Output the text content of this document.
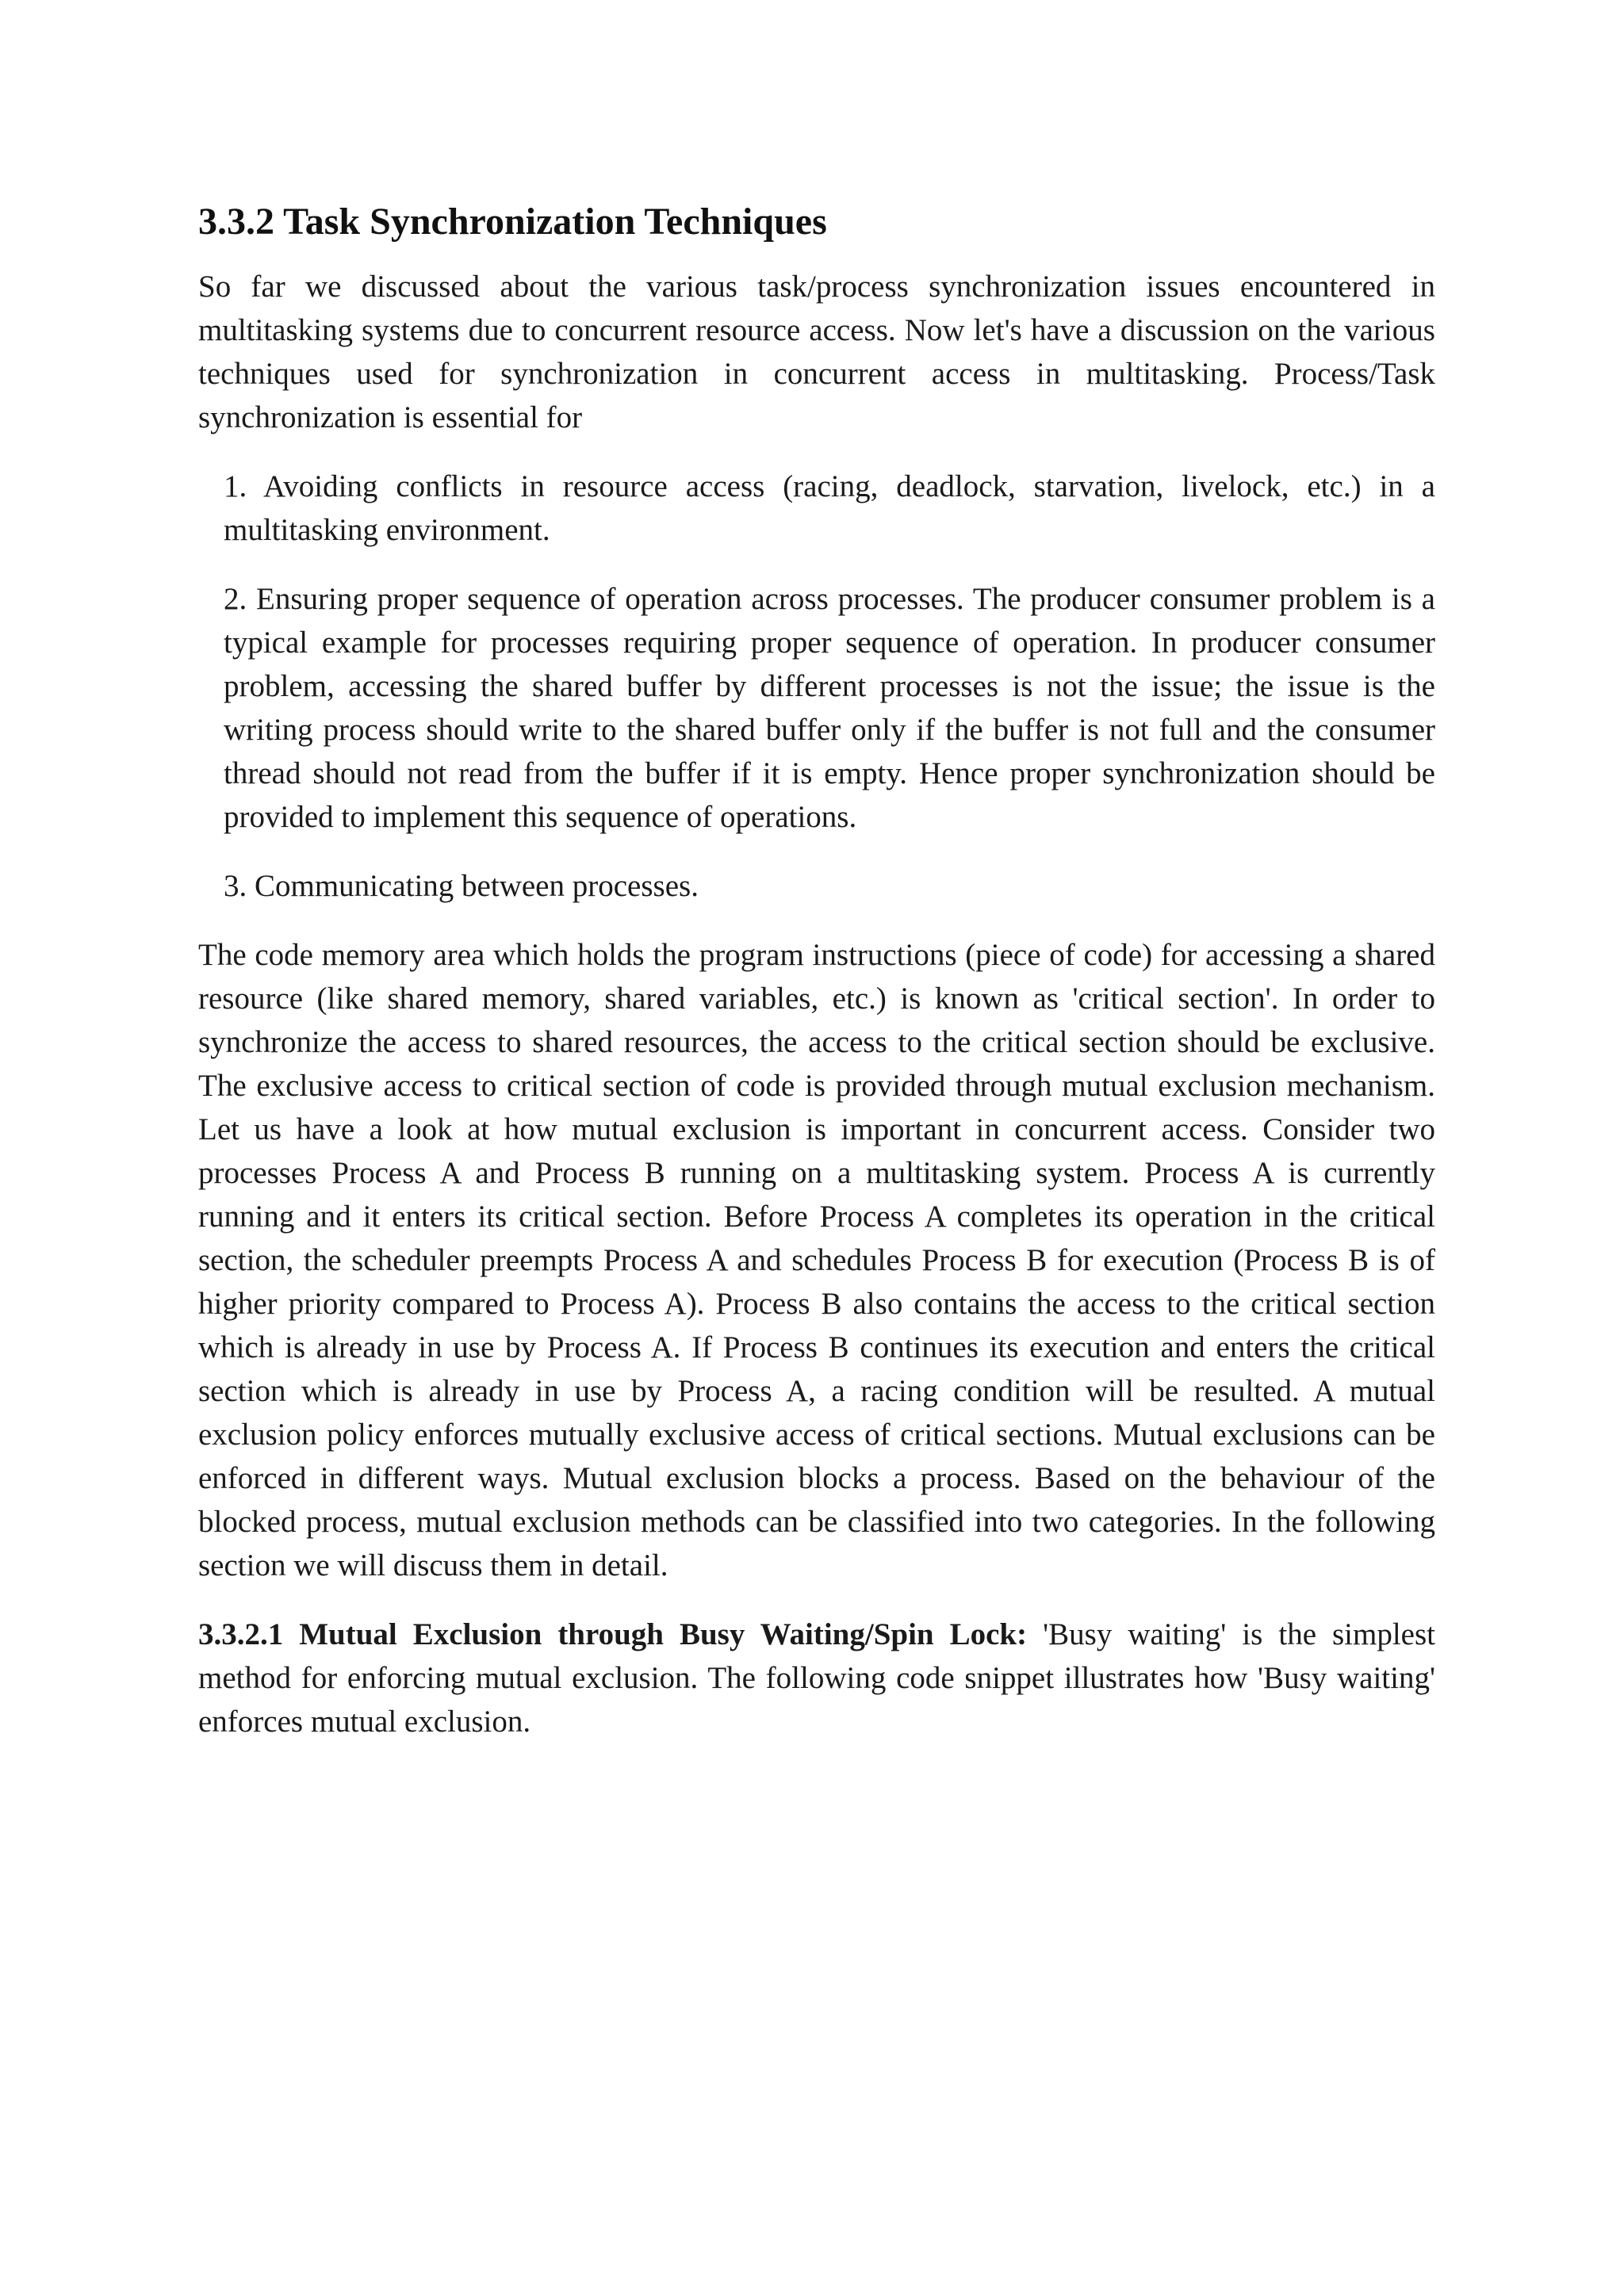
3.3.2 Task Synchronization Techniques

So far we discussed about the various task/process synchronization issues encountered in multitasking systems due to concurrent resource access. Now let's have a discussion on the various techniques used for synchronization in concurrent access in multitasking. Process/Task synchronization is essential for

1. Avoiding conflicts in resource access (racing, deadlock, starvation, livelock, etc.) in a multitasking environment.
2. Ensuring proper sequence of operation across processes. The producer consumer problem is a typical example for processes requiring proper sequence of operation. In producer consumer problem, accessing the shared buffer by different processes is not the issue; the issue is the writing process should write to the shared buffer only if the buffer is not full and the consumer thread should not read from the buffer if it is empty. Hence proper synchronization should be provided to implement this sequence of operations.
3. Communicating between processes.

The code memory area which holds the program instructions (piece of code) for accessing a shared resource (like shared memory, shared variables, etc.) is known as 'critical section'. In order to synchronize the access to shared resources, the access to the critical section should be exclusive. The exclusive access to critical section of code is provided through mutual exclusion mechanism. Let us have a look at how mutual exclusion is important in concurrent access. Consider two processes Process A and Process B running on a multitasking system. Process A is currently running and it enters its critical section. Before Process A completes its operation in the critical section, the scheduler preempts Process A and schedules Process B for execution (Process B is of higher priority compared to Process A). Process B also contains the access to the critical section which is already in use by Process A. If Process B continues its execution and enters the critical section which is already in use by Process A, a racing condition will be resulted. A mutual exclusion policy enforces mutually exclusive access of critical sections. Mutual exclusions can be enforced in different ways. Mutual exclusion blocks a process. Based on the behaviour of the blocked process, mutual exclusion methods can be classified into two categories. In the following section we will discuss them in detail.

3.3.2.1 Mutual Exclusion through Busy Waiting/Spin Lock: 'Busy waiting' is the simplest method for enforcing mutual exclusion. The following code snippet illustrates how 'Busy waiting' enforces mutual exclusion.
